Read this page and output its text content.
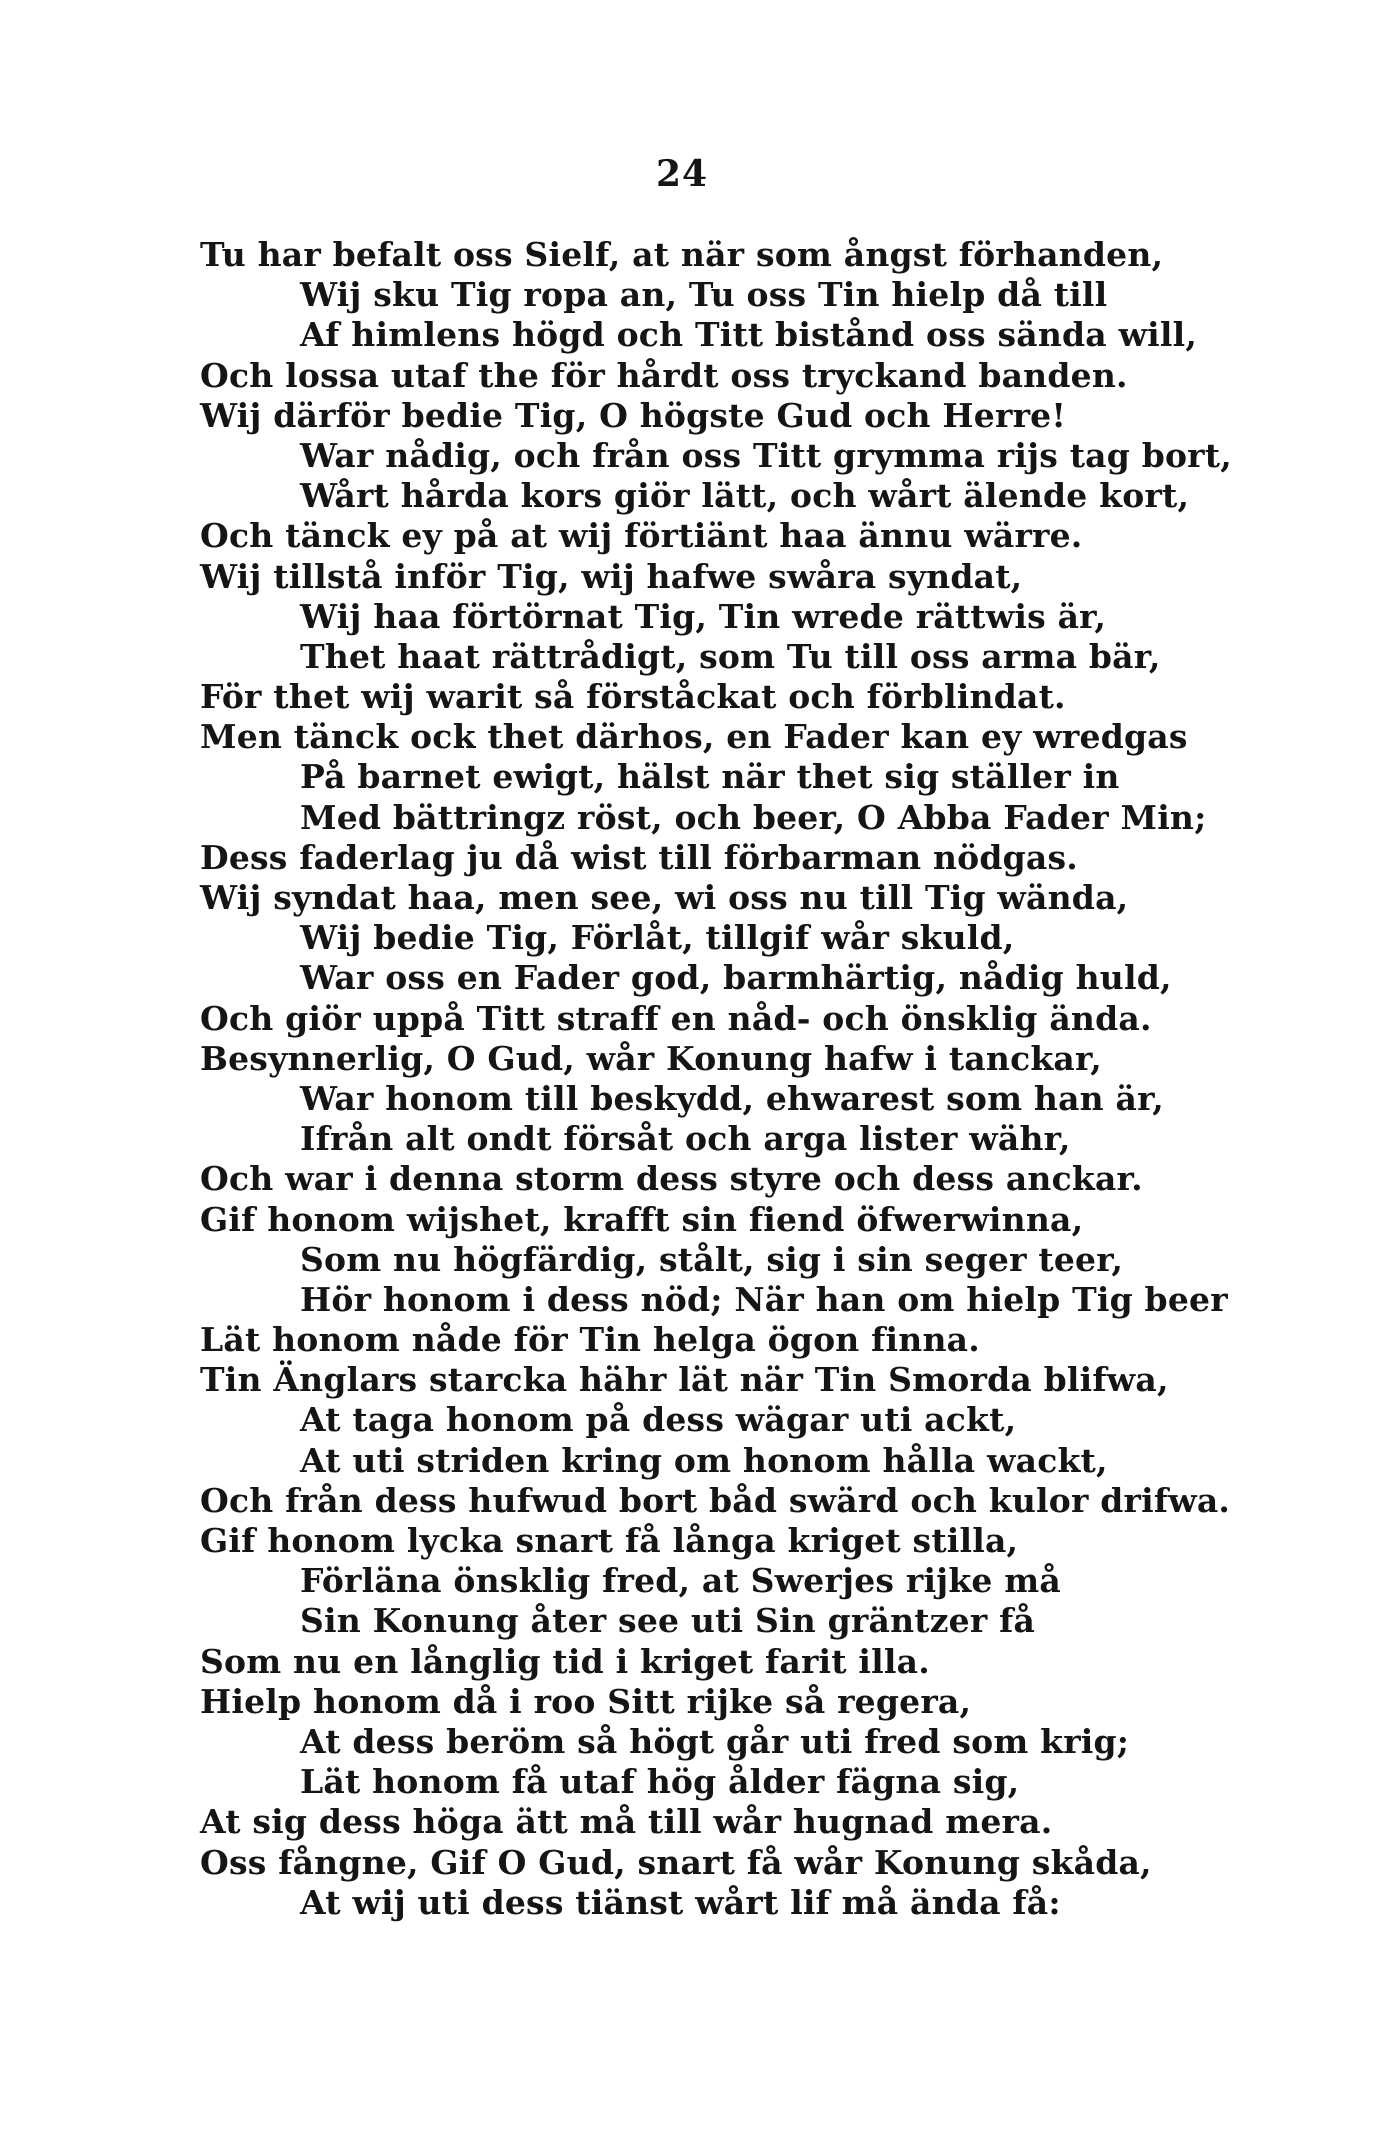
24
Tu har befalt oss Sielf, at när som ångst förhanden,
Wij sku Tig ropa an, Tu oss Tin hielp då till
Af himlens högd och Titt bistånd oss sända will,
Och lossa utaf the för hårdt oss tryckand banden.
Wij därför bedie Tig, O högste Gud och Herre!
War nådig, och från oss Titt grymma rijs tag bort,
Wårt hårda kors giör lätt, och wårt älende kort,
Och tänck ey på at wij förtiänt haa ännu wärre.
Wij tillstå inför Tig, wij hafwe swåra syndat,
Wij haa förtörnat Tig, Tin wrede rättwis är,
Thet haat rättrådigt, som Tu till oss arma bär,
För thet wij warit så förståckat och förblindat.
Men tänck ock thet därhos, en Fader kan ey wredgas
På barnet ewigt, hälst när thet sig ställer in
Med bättringz röst, och beer, O Abba Fader Min;
Dess faderlag ju då wist till förbarman nödgas.
Wij syndat haa, men see, wi oss nu till Tig wända,
Wij bedie Tig, Förlåt, tillgif wår skuld,
War oss en Fader god, barmhärtig, nådig huld,
Och giör uppå Titt straff en nåd- och önsklig ända.
Besynnerlig, O Gud, wår Konung hafw i tanckar,
War honom till beskydd, ehwarest som han är,
Ifrån alt ondt försåt och arga lister währ,
Och war i denna storm dess styre och dess anckar.
Gif honom wijshet, krafft sin fiend öfwerwinna,
Som nu högfärdig, stålt, sig i sin seger teer,
Hör honom i dess nöd; När han om hielp Tig beer
Lät honom nåde för Tin helga ögon finna.
Tin Änglars starcka hähr lät när Tin Smorda blifwa,
At taga honom på dess wägar uti ackt,
At uti striden kring om honom hålla wackt,
Och från dess hufwud bort båd swärd och kulor drifwa.
Gif honom lycka snart få långa kriget stilla,
Förläna önsklig fred, at Swerjes rijke må
Sin Konung åter see uti Sin gräntzer få
Som nu en långlig tid i kriget farit illa.
Hielp honom då i roo Sitt rijke så regera,
At dess beröm så högt går uti fred som krig;
Lät honom få utaf hög ålder fägna sig,
At sig dess höga ätt må till wår hugnad mera.
Oss fångne, Gif O Gud, snart få wår Konung skåda,
At wij uti dess tiänst wårt lif må ända få:
